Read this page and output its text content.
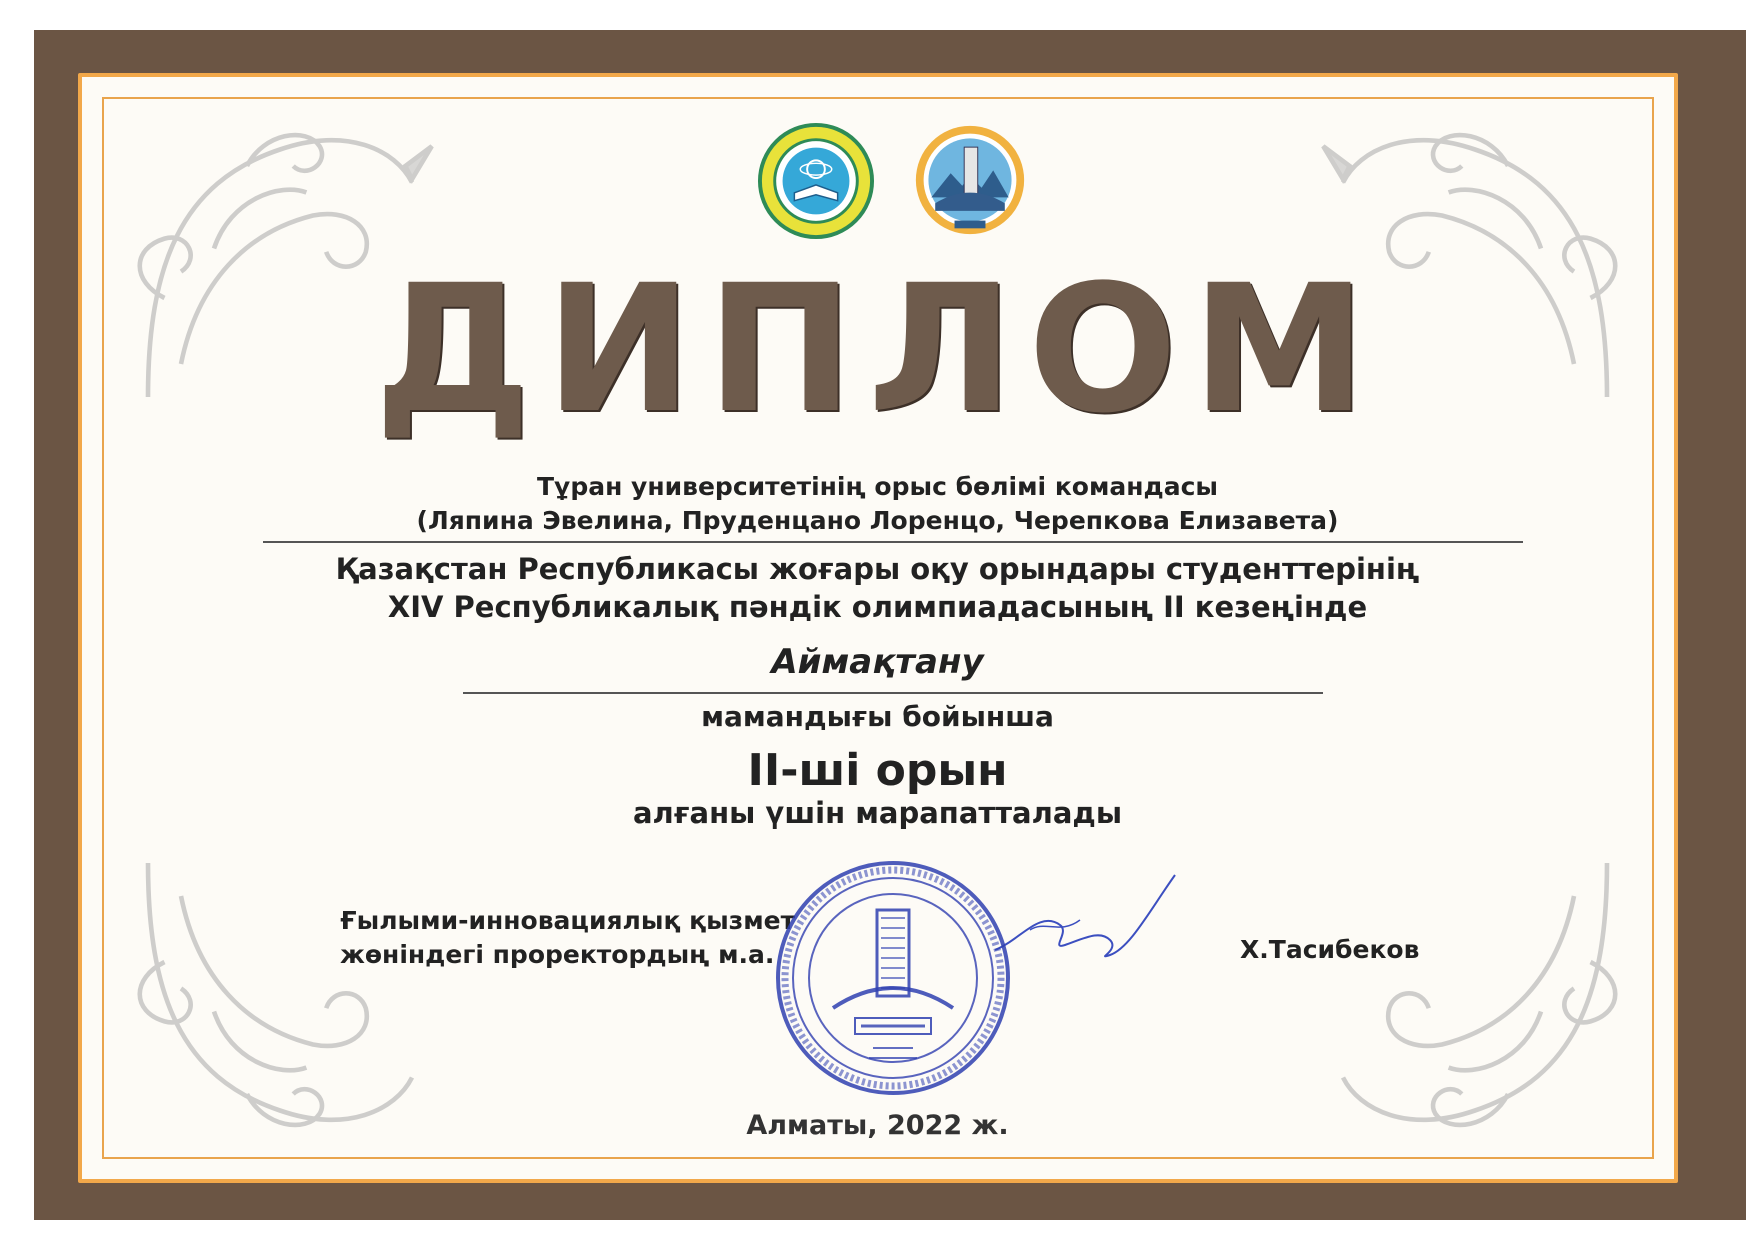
ДИПЛОМ
Тұран университетінің орыс бөлімі командасы
(Ляпина Эвелина, Пруденцано Лоренцо, Черепкова Елизавета)
Қазақстан Республикасы жоғары оқу орындары студенттерінің
XIV Республикалық пәндік олимпиадасының II кезеңінде
Аймақтану
мамандығы бойынша
II-ші орын
алғаны үшін марапатталады
Ғылыми-инновациялық қызмет
жөніндегі проректордың м.а.	Х.Тасибеков
Алматы, 2022 ж.
